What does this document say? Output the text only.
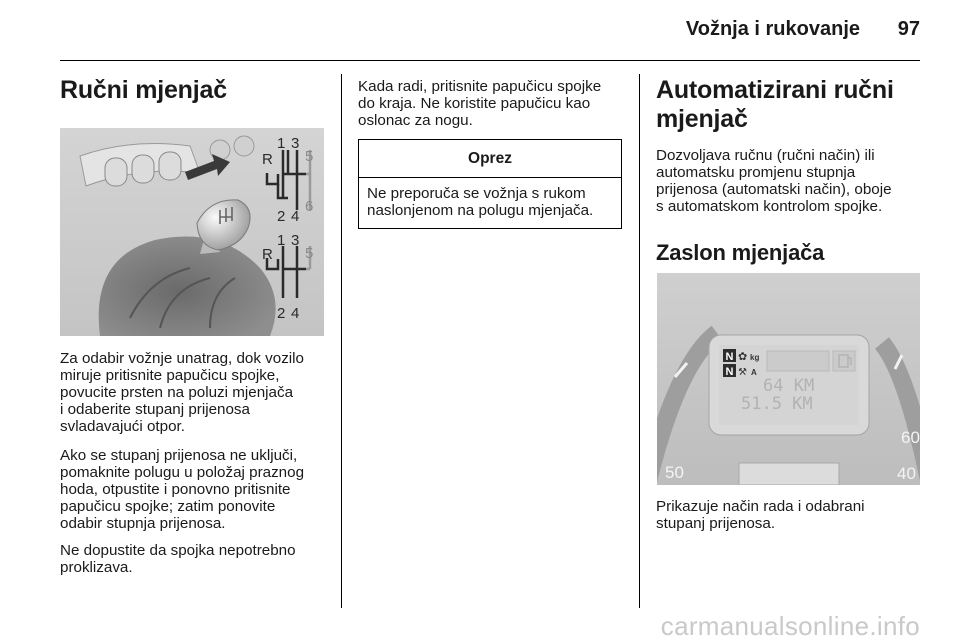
Vožnja i rukovanje	97
Ručni mjenjač
R
1 3
5
2 4
6
R
1 3
5
2 4

Za odabir vožnje unatrag, dok vozilo
miruje pritisnite papučicu spojke,
povucite prsten na poluzi mjenjača
i odaberite stupanj prijenosa
svladavajući otpor.

Ako se stupanj prijenosa ne uključi,
pomaknite polugu u položaj praznog
hoda, otpustite i ponovno pritisnite
papučicu spojke; zatim ponovite
odabir stupnja prijenosa.

Ne dopustite da spojka nepotrebno
proklizava.

Kada radi, pritisnite papučicu spojke
do kraja. Ne koristite papučicu kao
oslonac za nogu.

Oprez
Ne preporuča se vožnja s rukom
naslonjenom na polugu mjenjača.
Automatizirani ručni
mjenjač

Dozvoljava ručnu (ručni način) ili
automatsku promjenu stupnja
prijenosa (automatski način), oboje
s automatskom kontrolom spojke.

Zaslon mjenjača
N
N
✿ kg
⚒ A
64 KM
51.5 KM
50
60
40

Prikazuje način rada i odabrani
stupanj prijenosa.

carmanualsonline.info
